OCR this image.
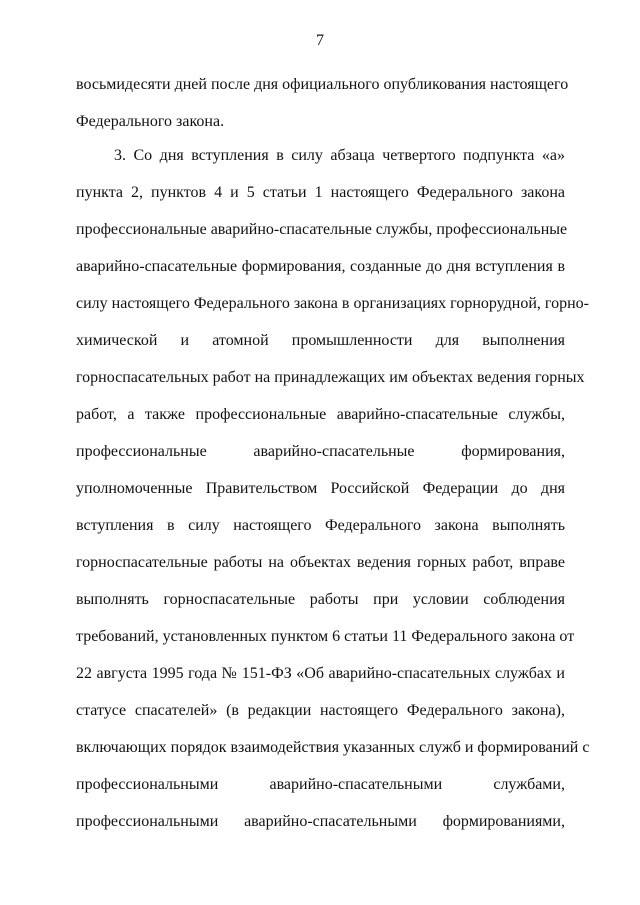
7
восьмидесяти дней после дня официального опубликования настоящего
Федерального закона.
3. Со дня вступления в силу абзаца четвертого подпункта «а»
пункта 2, пунктов 4 и 5 статьи 1 настоящего Федерального закона
профессиональные аварийно-спасательные службы, профессиональные
аварийно-спасательные формирования, созданные до дня вступления в
силу настоящего Федерального закона в организациях горнорудной, горно-
химической и атомной промышленности для выполнения
горноспасательных работ на принадлежащих им объектах ведения горных
работ, а также профессиональные аварийно-спасательные службы,
профессиональные аварийно-спасательные формирования,
уполномоченные Правительством Российской Федерации до дня
вступления в силу настоящего Федерального закона выполнять
горноспасательные работы на объектах ведения горных работ, вправе
выполнять горноспасательные работы при условии соблюдения
требований, установленных пунктом 6 статьи 11 Федерального закона от
22 августа 1995 года № 151-ФЗ «Об аварийно-спасательных службах и
статусе спасателей» (в редакции настоящего Федерального закона),
включающих порядок взаимодействия указанных служб и формирований с
профессиональными аварийно-спасательными службами,
профессиональными аварийно-спасательными формированиями,
